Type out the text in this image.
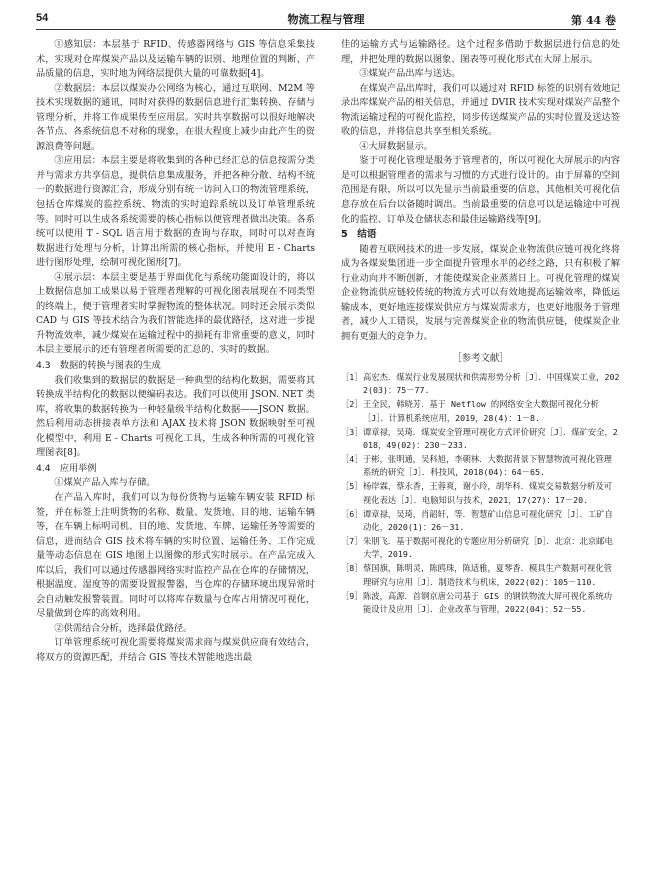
54	物流工程与管理	第 44 卷

①感知层：本层基于 RFID、传感器网络与 GIS 等信息采集技术，实现对仓库煤炭产品以及运输车辆的识别、地理位置的判断、产品质量的信息，实时地为网络层提供大量的可靠数据[4]。

②数据层：本层以煤炭办公网络为核心，通过互联网、M2M 等技术实现数据的通讯，同时对获得的数据信息进行汇集转换、存储与管理分析，并将工作成果传至应用层。实时共享数据可以很好地解决各节点、各系统信息不对称的现象，在很大程度上减少由此产生的资源浪费等问题。

③应用层：本层主要是将收集到的各种已经汇总的信息按需分类并与需求方共享信息，提供信息集成服务，并把各种分散、结构不统一的数据进行资源汇合，形成分别有统一访问入口的物流管理系统，包括仓库煤炭的监控系统、物流的实时追踪系统以及订单管理系统等。同时可以生成各系统需要的核心指标以便管理者做出决策。各系统可以使用 T - SQL 语言用于数据的查询与存取，同时可以对查询数据进行处理与分析，计算出所需的核心指标，并使用 E - Charts 进行图形处理，绘制可视化图形[7]。

④展示层：本层主要是基于界面优化与系统功能面设计的，将以上数据信息加工成果以易于管理者理解的可视化图表展现在不同类型的终端上，便于管理者实时掌握物流的整体状况。同时还会展示类似 CAD 与 GIS 等技术结合为我们智能选择的最优路径，这对进一步提升物流效率，减少煤炭在运输过程中的损耗有非常重要的意义，同时本层主要展示的还有管理者所需要的汇总的、实时的数据。

4.3　数据的转换与图表的生成

我们收集到的数据层的数据是一种典型的结构化数据，需要将其转换成半结构化的数据以便编码表达。我们可以使用 JSON. NET 类库，将收集的数据转换为一种轻量级半结构化数据——JSON 数据。然后利用动态拼接表单方法和 AJAX 技术将 JSON 数据映射至可视化模型中，利用 E - Charts 可视化工具，生成各种所需的可视化管理图表[8]。

4.4　应用举例

①煤炭产品入库与存储。

在产品入库时，我们可以为每份货物与运输车辆安装 RFID 标签，并在标签上注明货物的名称、数量、发货地、目的地、运输车辆等，在车辆上标明司机、目的地、发货地、车牌、运输任务等需要的信息，进而结合 GIS 技术将车辆的实时位置、运输任务、工作完成量等动态信息在 GIS 地图上以图像的形式实时展示。在产品完成入库以后，我们可以通过传感器网络实时监控产品在仓库的存储情况，根据温度、湿度等的需要设置报警器，当仓库的存储环境出现异常时会自动触发报警装置。同时可以将库存数量与仓库占用情况可视化，尽量做到仓库的高效利用。

②供需结合分析，选择最优路径。

订单管理系统可视化需要将煤炭需求商与煤炭供应商有效结合，将双方的资源匹配，并结合 GIS 等技术智能地选出最

佳的运输方式与运输路径。这个过程多借助于数据层进行信息的处理，并把处理的数据以图象、图表等可视化形式在大屏上展示。

③煤炭产品出库与送达。

在煤炭产品出库时，我们可以通过对 RFID 标签的识别有效地记录出库煤炭产品的相关信息，并通过 DVIR 技术实现对煤炭产品整个物流运输过程的可视化监控，同步传送煤炭产品的实时位置及送达签收的信息，并将信息共享至相关系统。

④大屏数据显示。

鉴于可视化管理是服务于管理者的，所以可视化大屏展示的内容是可以根据管理者的需求与习惯的方式进行设计的。由于屏幕的空间范围是有限，所以可以先显示当前最重要的信息，其他相关可视化信息存放在后台以备随时调出。当前最重要的信息可以是运输途中可视化的监控、订单及仓储状态和最佳运输路线等[9]。

5　结语

随着互联网技术的进一步发展，煤炭企业物流供应链可视化终将成为各煤炭集团进一步全面提升管理水平的必经之路，只有积极了解行业动向并不断创新，才能使煤炭企业蒸蒸日上。可视化管理的煤炭企业物流供应链较传统的物流方式可以有效地提高运输效率，降低运输成本，更好地连接煤炭供应方与煤炭需求方，也更好地服务于管理者，减少人工错误，发展与完善煤炭企业的物流供应链，使煤炭企业拥有更强大的竞争力。

［参考文献］
［1］ 高宏杰．煤炭行业发展现状和供需形势分析［J］．中国煤炭工业，2022(03)：75－77.
［2］ 王全民，韩晓芳．基于 Netflow 的网络安全大数据可视化分析［J］．计算机系统应用，2019，28(4)：1－8.
［3］ 谭章禄，吴琦．煤炭安全管理可视化方式评价研究［J］．煤矿安全，2018，49(02)：230－233.
［4］ 于彬，张明通，吴科旭，李朝林．大数据背景下智慧物流可视化管理系统的研究［J］．科技风，2018(04)：64－65.
［5］ 杨岸霖，蔡永香，王蓉爽，谢小玲，胡华科．煤炭交易数据分析及可视化表达［J］．电脑知识与技术，2021，17(27)：17－20.
［6］ 谭章禄，吴琦，肖韶轩，等．智慧矿山信息可视化研究［J］．工矿自动化，2020(1)：26－31.
［7］ 朱朋飞．基于数据可视化的专题应用分析研究［D］．北京：北京邮电大学，2019.
［8］ 蔡国旗，陈明灵，陈鸥珠，陈适雅，夏琴香．模具生产数据可视化管理研究与应用［J］．制造技术与机床，2022(02)：105－110.
［9］ 陈波，高源．首钢京唐公司基于 GIS 的钢铁物流大屏可视化系统功能设计及应用［J］．企业改革与管理，2022(04)：52－55.
